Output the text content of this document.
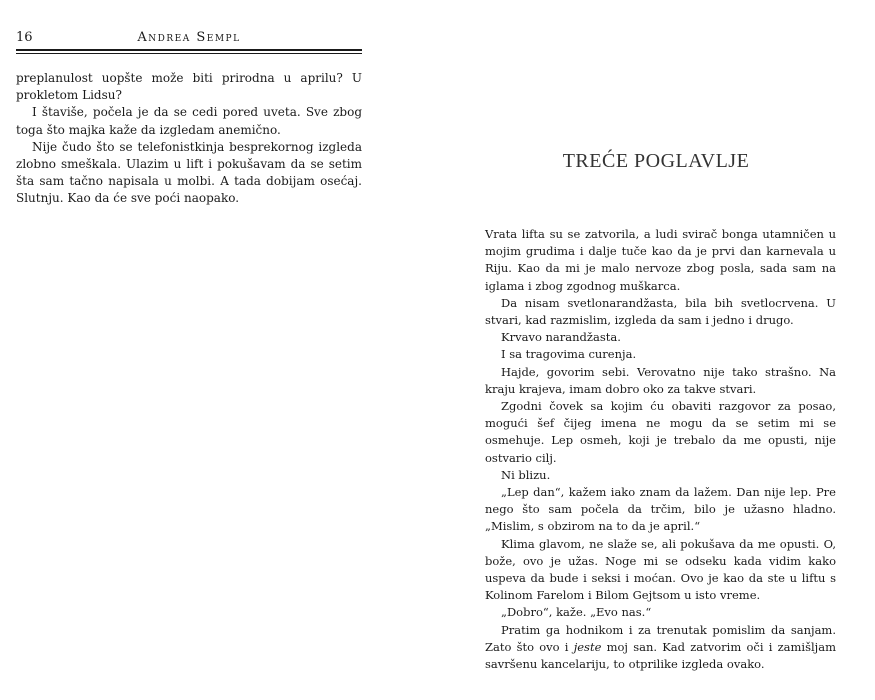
16	Andrea Sempl

preplanulost uopšte može biti prirodna u aprilu? U prokletom Lidsu?

I štaviše, počela je da se cedi pored uveta. Sve zbog toga što majka kaže da izgledam anemično.

Nije čudo što se telefonistkinja besprekornog izgleda zlobno smeškala. Ulazim u lift i pokušavam da se setim šta sam tačno napisala u molbi. A tada dobijam osećaj. Slutnju. Kao da će sve poći naopako.

TREĆE POGLAVLJE

Vrata lifta su se zatvorila, a ludi svirač bonga utamničen u mojim grudima i dalje tuče kao da je prvi dan karnevala u Riju. Kao da mi je malo nervoze zbog posla, sada sam na iglama i zbog zgodnog muškarca.

Da nisam svetlonarandžasta, bila bih svetlocrvena. U stvari, kad razmislim, izgleda da sam i jedno i drugo.

Krvavo narandžasta.

I sa tragovima curenja.

Hajde, govorim sebi. Verovatno nije tako strašno. Na kraju krajeva, imam dobro oko za takve stvari.

Zgodni čovek sa kojim ću obaviti razgovor za posao, mogući šef čijeg imena ne mogu da se setim mi se osmehuje. Lep osmeh, koji je trebalo da me opusti, nije ostvario cilj.

Ni blizu.

„Lep dan“, kažem iako znam da lažem. Dan nije lep. Pre nego što sam počela da trčim, bilo je užasno hladno. „Mislim, s obzirom na to da je april.“

Klima glavom, ne slaže se, ali pokušava da me opusti. O, bože, ovo je užas. Noge mi se odseku kada vidim kako uspeva da bude i seksi i moćan. Ovo je kao da ste u liftu s Kolinom Farelom i Bilom Gejtsom u isto vreme.

„Dobro“, kaže. „Evo nas.“

Pratim ga hodnikom i za trenutak pomislim da sanjam. Zato što ovo i jeste moj san. Kad zatvorim oči i zamišljam savršenu kancelariju, to otprilike izgleda ovako.
